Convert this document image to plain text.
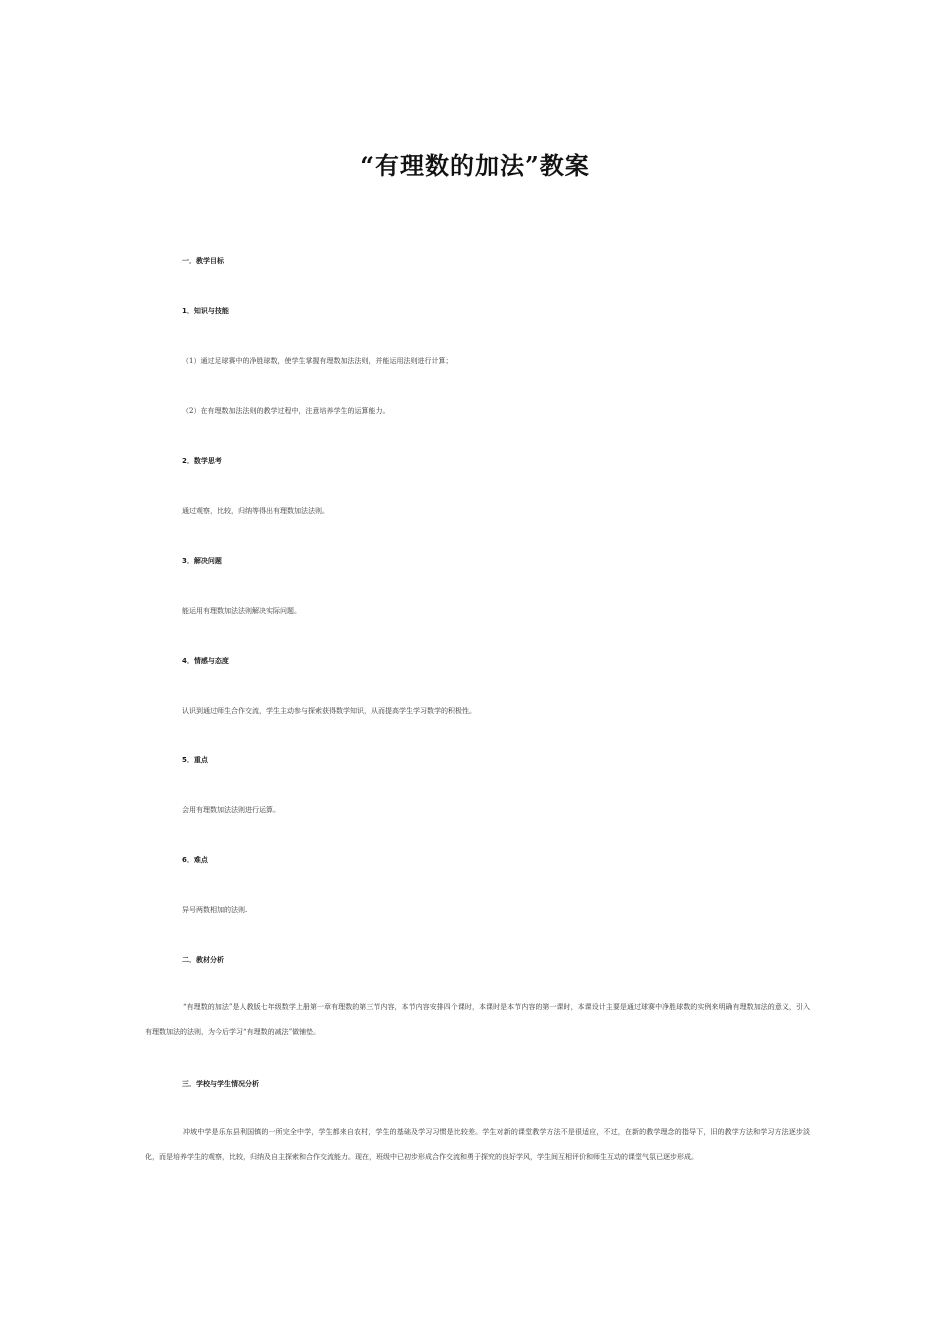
“有理数的加法”教案
一．教学目标
1．知识与技能
（1）通过足球赛中的净胜球数，使学生掌握有理数加法法则，并能运用法则进行计算；
（2）在有理数加法法则的教学过程中，注意培养学生的运算能力。
2．数学思考
通过观察，比较，归纳等得出有理数加法法则。
3．解决问题
能运用有理数加法法则解决实际问题。
4．情感与态度
认识到通过师生合作交流，学生主动参与探索获得数学知识，从而提高学生学习数学的积极性。
5．重点
会用有理数加法法则进行运算。
6．难点
异号两数相加的法则.
二．教材分析
“有理数的加法”是人教版七年级数学上册第一章有理数的第三节内容，本节内容安排四个课时，本课时是本节内容的第一课时，本课设计主要是通过球赛中净胜球数的实例来明确有理数加法的意义，引入有理数加法的法则，为今后学习“有理数的减法”做铺垫。
三．学校与学生情况分析
冲坡中学是乐东县利国镇的一所完全中学，学生都来自农村，学生的基础及学习习惯是比较差。学生对新的课堂教学方法不是很适应，不过，在新的教学理念的指导下，旧的教学方法和学习方法逐步淡化，而是培养学生的观察，比较，归纳及自主探索和合作交流能力。现在，班级中已初步形成合作交流和勇于探究的良好学风，学生间互相评价和师生互动的课堂气氛已逐步形成。
